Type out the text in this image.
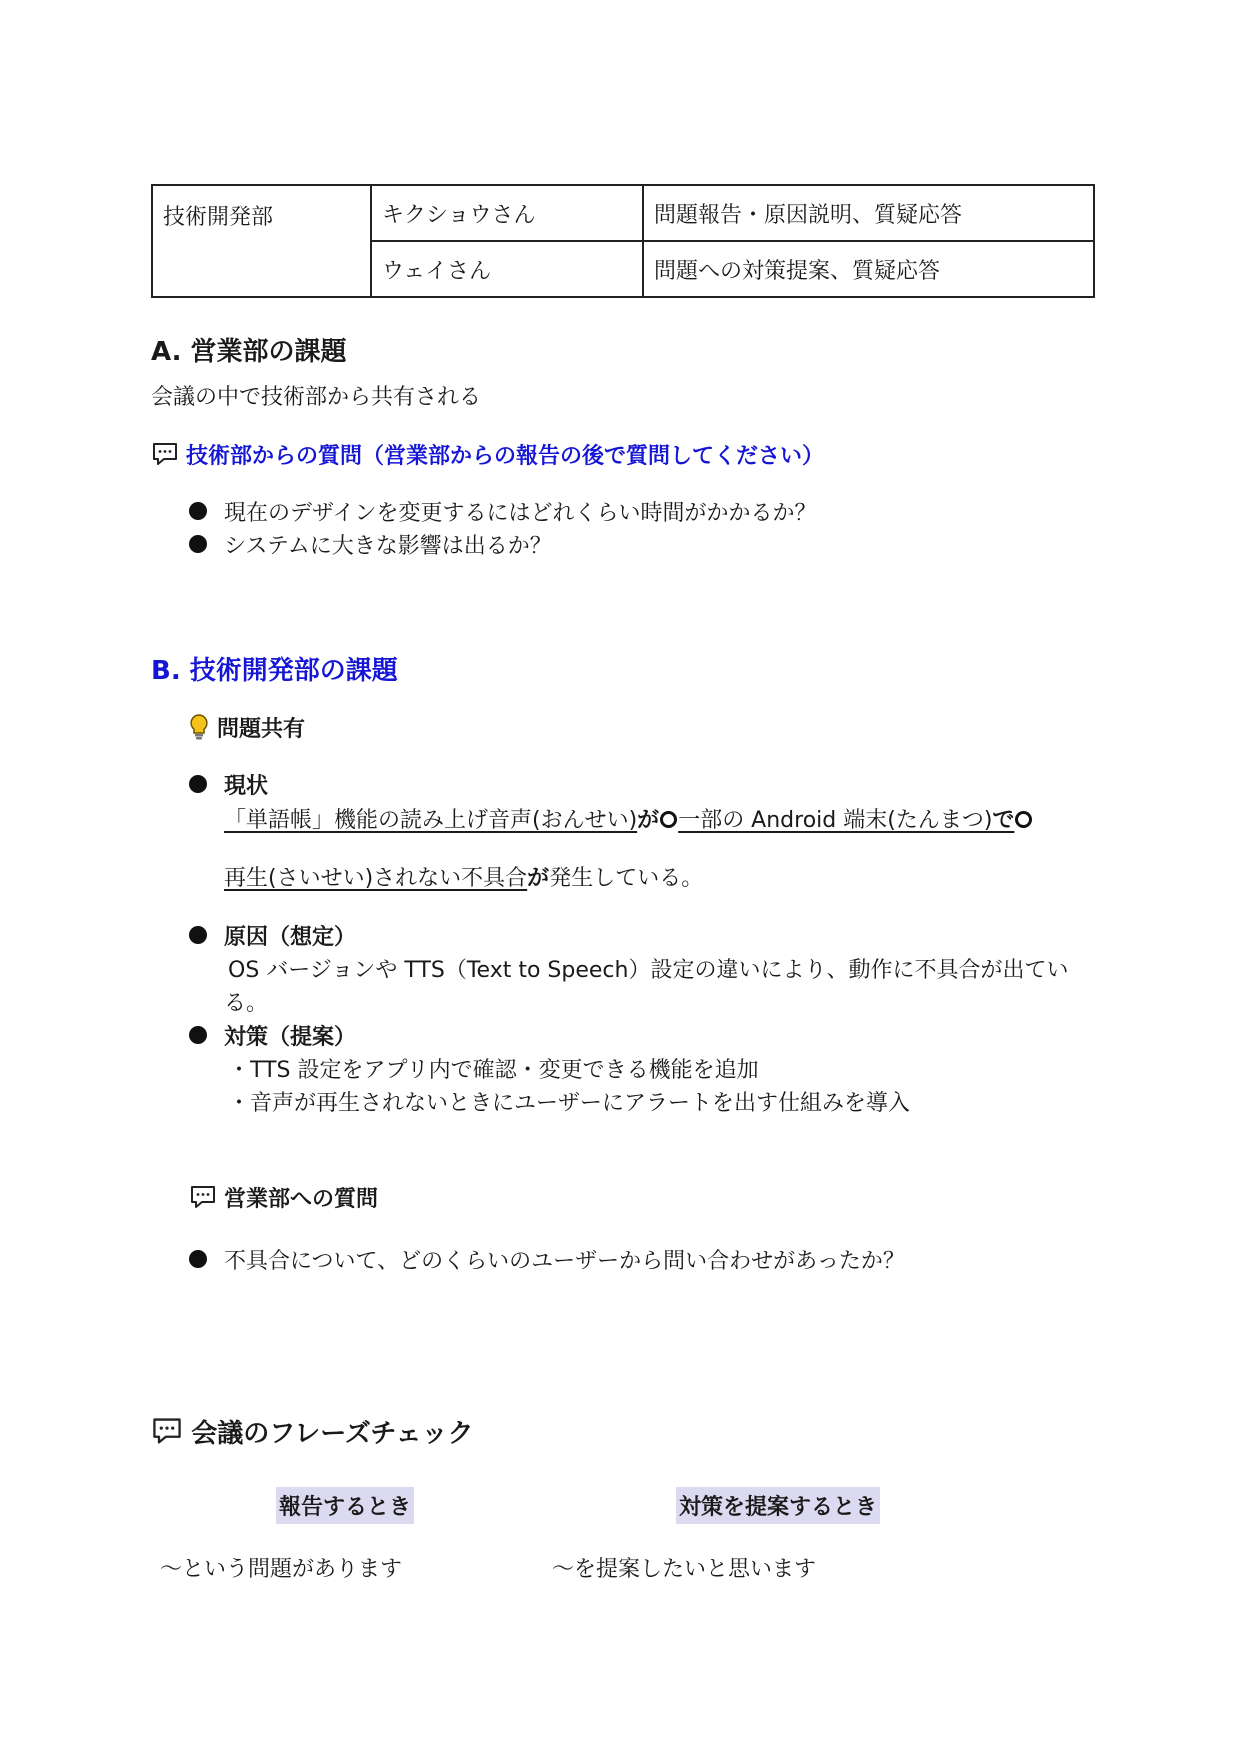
技術開発部	キクショウさん	問題報告・原因説明、質疑応答
	ウェイさん	問題への対策提案、質疑応答
A. 営業部の課題
会議の中で技術部から共有される
技術部からの質問（営業部からの報告の後で質問してください）
現在のデザインを変更するにはどれくらい時間がかかるか？
システムに大きな影響は出るか？
B. 技術開発部の課題
問題共有
現状
「単語帳」機能の読み上げ音声(おんせい)が○一部の Android 端末(たんまつ)で
再生(さいせい)されない不具合が発生している。
原因（想定）
OS バージョンや TTS（Text to Speech）設定の違いにより、動作に不具合が出てい
る。
対策（提案）
・TTS 設定をアプリ内で確認・変更できる機能を追加
・音声が再生されないときにユーザーにアラートを出す仕組みを導入
営業部への質問
不具合について、どのくらいのユーザーから問い合わせがあったか？
会議のフレーズチェック
報告するとき	対策を提案するとき
〜という問題があります	〜を提案したいと思います
